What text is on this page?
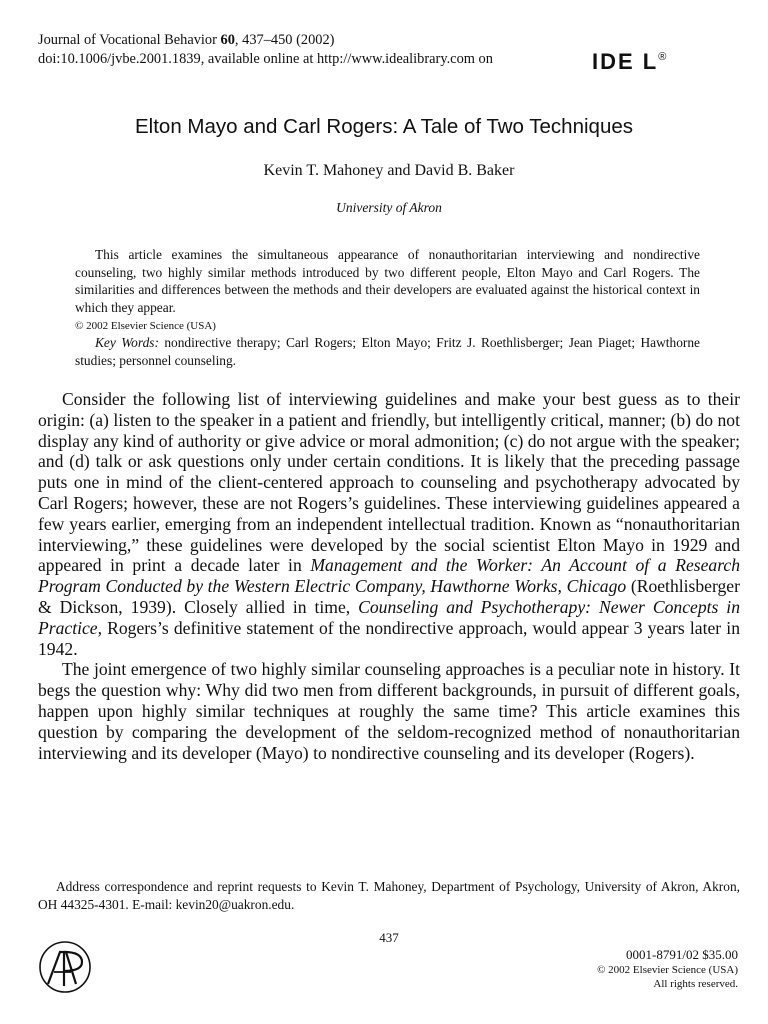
Journal of Vocational Behavior 60, 437–450 (2002)
doi:10.1006/jvbe.2001.1839, available online at http://www.idealibrary.com on	IDE L®
Elton Mayo and Carl Rogers: A Tale of Two Techniques
Kevin T. Mahoney and David B. Baker
University of Akron

This article examines the simultaneous appearance of nonauthoritarian interviewing and nondirective counseling, two highly similar methods introduced by two different people, Elton Mayo and Carl Rogers. The similarities and differences between the methods and their developers are evaluated against the historical context in which they appear.
© 2002 Elsevier Science (USA)

Key Words: nondirective therapy; Carl Rogers; Elton Mayo; Fritz J. Roethlisberger; Jean Piaget; Hawthorne studies; personnel counseling.

Consider the following list of interviewing guidelines and make your best guess as to their origin: (a) listen to the speaker in a patient and friendly, but intelligently critical, manner; (b) do not display any kind of authority or give advice or moral admonition; (c) do not argue with the speaker; and (d) talk or ask questions only under certain conditions. It is likely that the preceding passage puts one in mind of the client-centered approach to counseling and psychotherapy advocated by Carl Rogers; however, these are not Rogers’s guidelines. These interviewing guidelines appeared a few years earlier, emerging from an independent intellectual tradition. Known as “nonauthoritarian interviewing,” these guidelines were developed by the social scientist Elton Mayo in 1929 and appeared in print a decade later in Management and the Worker: An Account of a Research Program Conducted by the Western Electric Company, Hawthorne Works, Chicago (Roethlisberger & Dickson, 1939). Closely allied in time, Counseling and Psychotherapy: Newer Concepts in Practice, Rogers’s definitive statement of the nondirective approach, would appear 3 years later in 1942.

The joint emergence of two highly similar counseling approaches is a peculiar note in history. It begs the question why: Why did two men from different backgrounds, in pursuit of different goals, happen upon highly similar techniques at roughly the same time? This article examines this question by comparing the development of the seldom-recognized method of nonauthoritarian interviewing and its developer (Mayo) to nondirective counseling and its developer (Rogers).

Address correspondence and reprint requests to Kevin T. Mahoney, Department of Psychology, University of Akron, Akron, OH 44325-4301. E-mail: kevin20@uakron.edu.

437
0001-8791/02 $35.00
© 2002 Elsevier Science (USA)
All rights reserved.
